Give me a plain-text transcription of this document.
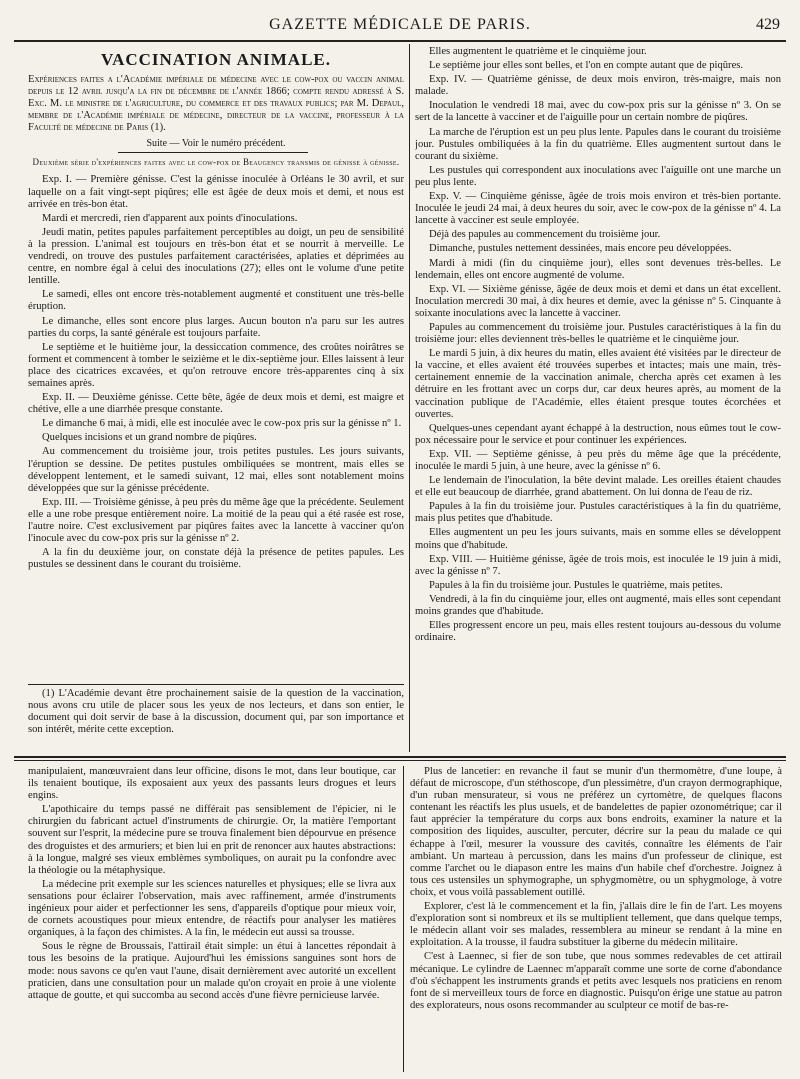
GAZETTE MÉDICALE DE PARIS.	429
VACCINATION ANIMALE.

Expériences faites a l'Académie impériale de médecine avec le cow-pox ou vaccin animal depuis le 12 avril jusqu'a la fin de décembre de l'année 1866; compte rendu adressé à S. Exc. M. le ministre de l'agriculture, du commerce et des travaux publics; par M. Depaul, membre de l'Académie impériale de médecine, directeur de la vaccine, professeur à la Faculté de médecine de Paris (1).

Suite — Voir le numéro précédent.
Deuxième série d'expériences faites avec le cow-pox de Beaugency transmis de génisse à génisse.

Exp. I. — Première génisse. C'est la génisse inoculée à Orléans le 30 avril, et sur laquelle on a fait vingt-sept piqûres; elle est âgée de deux mois et demi, et nous est arrivée en très-bon état.

Mardi et mercredi, rien d'apparent aux points d'inoculations.

Jeudi matin, petites papules parfaitement perceptibles au doigt, un peu de sensibilité à la pression. L'animal est toujours en très-bon état et se nourrit à merveille. Le vendredi, on trouve des pustules parfaitement caractérisées, aplaties et déprimées au centre, en nombre égal à celui des inoculations (27); elles ont le volume d'une petite lentille.

Le samedi, elles ont encore très-notablement augmenté et constituent une très-belle éruption.

Le dimanche, elles sont encore plus larges. Aucun bouton n'a paru sur les autres parties du corps, la santé générale est toujours parfaite.

Le septième et le huitième jour, la dessiccation commence, des croûtes noirâtres se forment et commencent à tomber le seizième et le dix-septième jour. Elles laissent à leur place des cicatrices excavées, et qu'on retrouve encore très-apparentes cinq à six semaines après.

Exp. II. — Deuxième génisse. Cette bête, âgée de deux mois et demi, est maigre et chétive, elle a une diarrhée presque constante.

Le dimanche 6 mai, à midi, elle est inoculée avec le cow-pox pris sur la génisse nº 1.

Quelques incisions et un grand nombre de piqûres.

Au commencement du troisième jour, trois petites pustules. Les jours suivants, l'éruption se dessine. De petites pustules ombiliquées se montrent, mais elles se développent lentement, et le samedi suivant, 12 mai, elles sont notablement moins développées que sur la génisse précédente.

Exp. III. — Troisième génisse, à peu près du même âge que la précédente. Seulement elle a une robe presque entièrement noire. La moitié de la peau qui a été rasée est rose, l'autre noire. C'est exclusivement par piqûres faites avec la lancette à vacciner qu'on l'inocule avec du cow-pox pris sur la génisse nº 2.

A la fin du deuxième jour, on constate déjà la présence de petites papules. Les pustules se dessinent dans le courant du troisième.

(1) L'Académie devant être prochainement saisie de la question de la vaccination, nous avons cru utile de placer sous les yeux de nos lecteurs, et dans son entier, le document qui doit servir de base à la discussion, document qui, par son importance et son intérêt, mérite cette exception.

Elles augmentent le quatrième et le cinquième jour.

Le septième jour elles sont belles, et l'on en compte autant que de piqûres.

Exp. IV. — Quatrième génisse, de deux mois environ, très-maigre, mais non malade.

Inoculation le vendredi 18 mai, avec du cow-pox pris sur la génisse nº 3. On se sert de la lancette à vacciner et de l'aiguille pour un certain nombre de piqûres.

La marche de l'éruption est un peu plus lente. Papules dans le courant du troisième jour. Pustules ombiliquées à la fin du quatrième. Elles augmentent surtout dans le courant du sixième.

Les pustules qui correspondent aux inoculations avec l'aiguille ont une marche un peu plus lente.

Exp. V. — Cinquième génisse, âgée de trois mois environ et très-bien portante. Inoculée le jeudi 24 mai, à deux heures du soir, avec le cow-pox de la génisse nº 4. La lancette à vacciner est seule employée.

Déjà des papules au commencement du troisième jour.

Dimanche, pustules nettement dessinées, mais encore peu développées.

Mardi à midi (fin du cinquième jour), elles sont devenues très-belles. Le lendemain, elles ont encore augmenté de volume.

Exp. VI. — Sixième génisse, âgée de deux mois et demi et dans un état excellent. Inoculation mercredi 30 mai, à dix heures et demie, avec la génisse nº 5. Cinquante à soixante inoculations avec la lancette à vacciner.

Papules au commencement du troisième jour. Pustules caractéristiques à la fin du troisième jour: elles deviennent très-belles le quatrième et le cinquième jour.

Le mardi 5 juin, à dix heures du matin, elles avaient été visitées par le directeur de la vaccine, et elles avaient été trouvées superbes et intactes; mais une main, très-certainement ennemie de la vaccination animale, chercha après cet examen à les détruire en les frottant avec un corps dur, car deux heures après, au moment de la vaccination publique de l'Académie, elles étaient presque toutes écorchées et ouvertes.

Quelques-unes cependant ayant échappé à la destruction, nous eûmes tout le cow-pox nécessaire pour le service et pour continuer les expériences.

Exp. VII. — Septième génisse, à peu près du même âge que la précédente, inoculée le mardi 5 juin, à une heure, avec la génisse nº 6.

Le lendemain de l'inoculation, la bête devint malade. Les oreilles étaient chaudes et elle eut beaucoup de diarrhée, grand abattement. On lui donna de l'eau de riz.

Papules à la fin du troisième jour. Pustules caractéristiques à la fin du quatrième, mais plus petites que d'habitude.

Elles augmentent un peu les jours suivants, mais en somme elles se développent moins que d'habitude.

Exp. VIII. — Huitième génisse, âgée de trois mois, est inoculée le 19 juin à midi, avec la génisse nº 7.

Papules à la fin du troisième jour. Pustules le quatrième, mais petites.

Vendredi, à la fin du cinquième jour, elles ont augmenté, mais elles sont cependant moins grandes que d'habitude.

Elles progressent encore un peu, mais elles restent toujours au-dessous du volume ordinaire.

manipulaient, manœuvraient dans leur officine, disons le mot, dans leur boutique, car ils tenaient boutique, ils exposaient aux yeux des passants leurs drogues et leurs engins.

L'apothicaire du temps passé ne différait pas sensiblement de l'épicier, ni le chirurgien du fabricant actuel d'instruments de chirurgie. Or, la matière l'emportant souvent sur l'esprit, la médecine pure se trouva finalement bien dépourvue en présence des droguistes et des armuriers; et bien lui en prit de renoncer aux hautes abstractions: à la longue, malgré ses vieux emblèmes symboliques, on aurait pu la confondre avec la théologie ou la métaphysique.

La médecine prit exemple sur les sciences naturelles et physiques; elle se livra aux sensations pour éclairer l'observation, mais avec raffinement, armée d'instruments ingénieux pour aider et perfectionner les sens, d'appareils d'optique pour mieux voir, de cornets acoustiques pour mieux entendre, de réactifs pour analyser les matières organiques, à la façon des chimistes. A la fin, le médecin eut aussi sa trousse.

Sous le règne de Broussais, l'attirail était simple: un étui à lancettes répondait à tous les besoins de la pratique. Aujourd'hui les émissions sanguines sont hors de mode: nous savons ce qu'en vaut l'aune, disait dernièrement avec autorité un excellent praticien, dans une consultation pour un malade qu'on croyait en proie à une violente attaque de goutte, et qui succomba au second accès d'une fièvre pernicieuse larvée.

Plus de lancetier: en revanche il faut se munir d'un thermomètre, d'une loupe, à défaut de microscope, d'un stéthoscope, d'un plessimètre, d'un crayon dermographique, d'un ruban mensurateur, si vous ne préférez un cyrtomètre, de quelques flacons contenant les réactifs les plus usuels, et de bandelettes de papier ozonométrique; car il faut apprécier la température du corps aux bons endroits, examiner la nature et la composition des liquides, ausculter, percuter, décrire sur la peau du malade ce qui échappe à l'œil, mesurer la voussure des cavités, connaître les éléments de l'air ambiant. Un marteau à percussion, dans les mains d'un professeur de clinique, est comme l'archet ou le diapason entre les mains d'un habile chef d'orchestre. Joignez à tous ces ustensiles un sphymographe, un sphygmomètre, ou un sphygmologe, à votre choix, et vous voilà passablement outillé.

Explorer, c'est là le commencement et la fin, j'allais dire le fin de l'art. Les moyens d'exploration sont si nombreux et ils se multiplient tellement, que dans quelque temps, le médecin allant voir ses malades, ressemblera au mineur se rendant à la mine en exploitation. A la trousse, il faudra substituer la giberne du médecin militaire.

C'est à Laennec, si fier de son tube, que nous sommes redevables de cet attirail mécanique. Le cylindre de Laennec m'apparaît comme une sorte de corne d'abondance d'où s'échappent les instruments grands et petits avec lesquels nos praticiens en renom font de si merveilleux tours de force en diagnostic. Puisqu'on érige une statue au patron des explorateurs, nous osons recommander au sculpteur ce motif de bas-re-
